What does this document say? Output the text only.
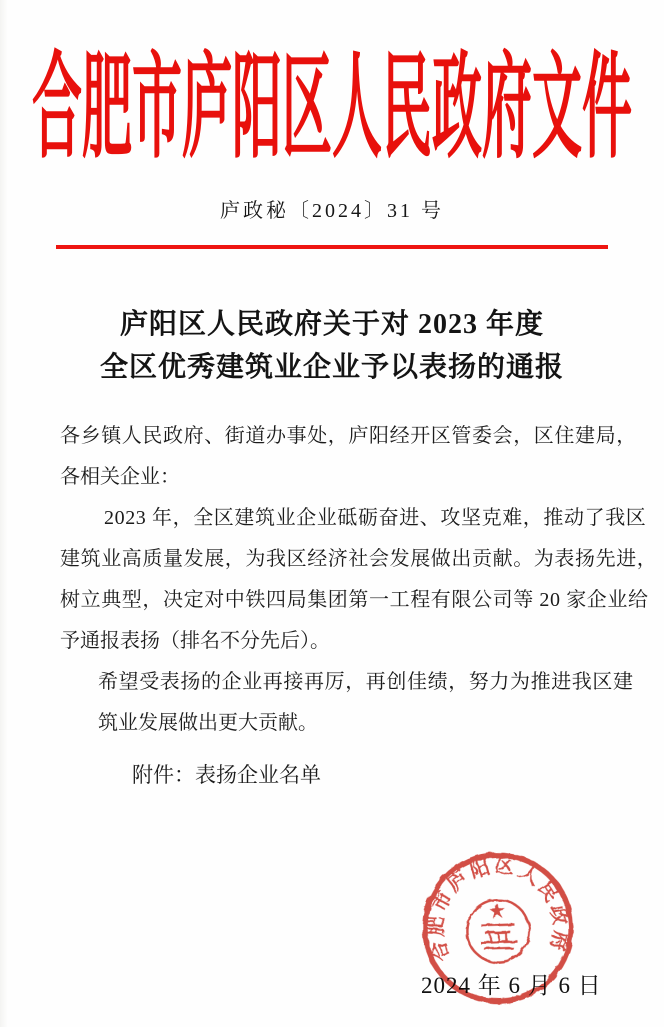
合肥市庐阳区人民政府文件
庐政秘〔2024〕31 号
庐阳区人民政府关于对 2023 年度
全区优秀建筑业企业予以表扬的通报
各乡镇人民政府、街道办事处，庐阳经开区管委会，区住建局，
各相关企业：
2023 年，全区建筑业企业砥砺奋进、攻坚克难，推动了我区
建筑业高质量发展，为我区经济社会发展做出贡献。为表扬先进，
树立典型，决定对中铁四局集团第一工程有限公司等 20 家企业给
予通报表扬（排名不分先后）。
希望受表扬的企业再接再厉，再创佳绩，努力为推进我区建
筑业发展做出更大贡献。
附件：表扬企业名单
2024 年 6 月 6 日
合肥市庐阳区人民政府
